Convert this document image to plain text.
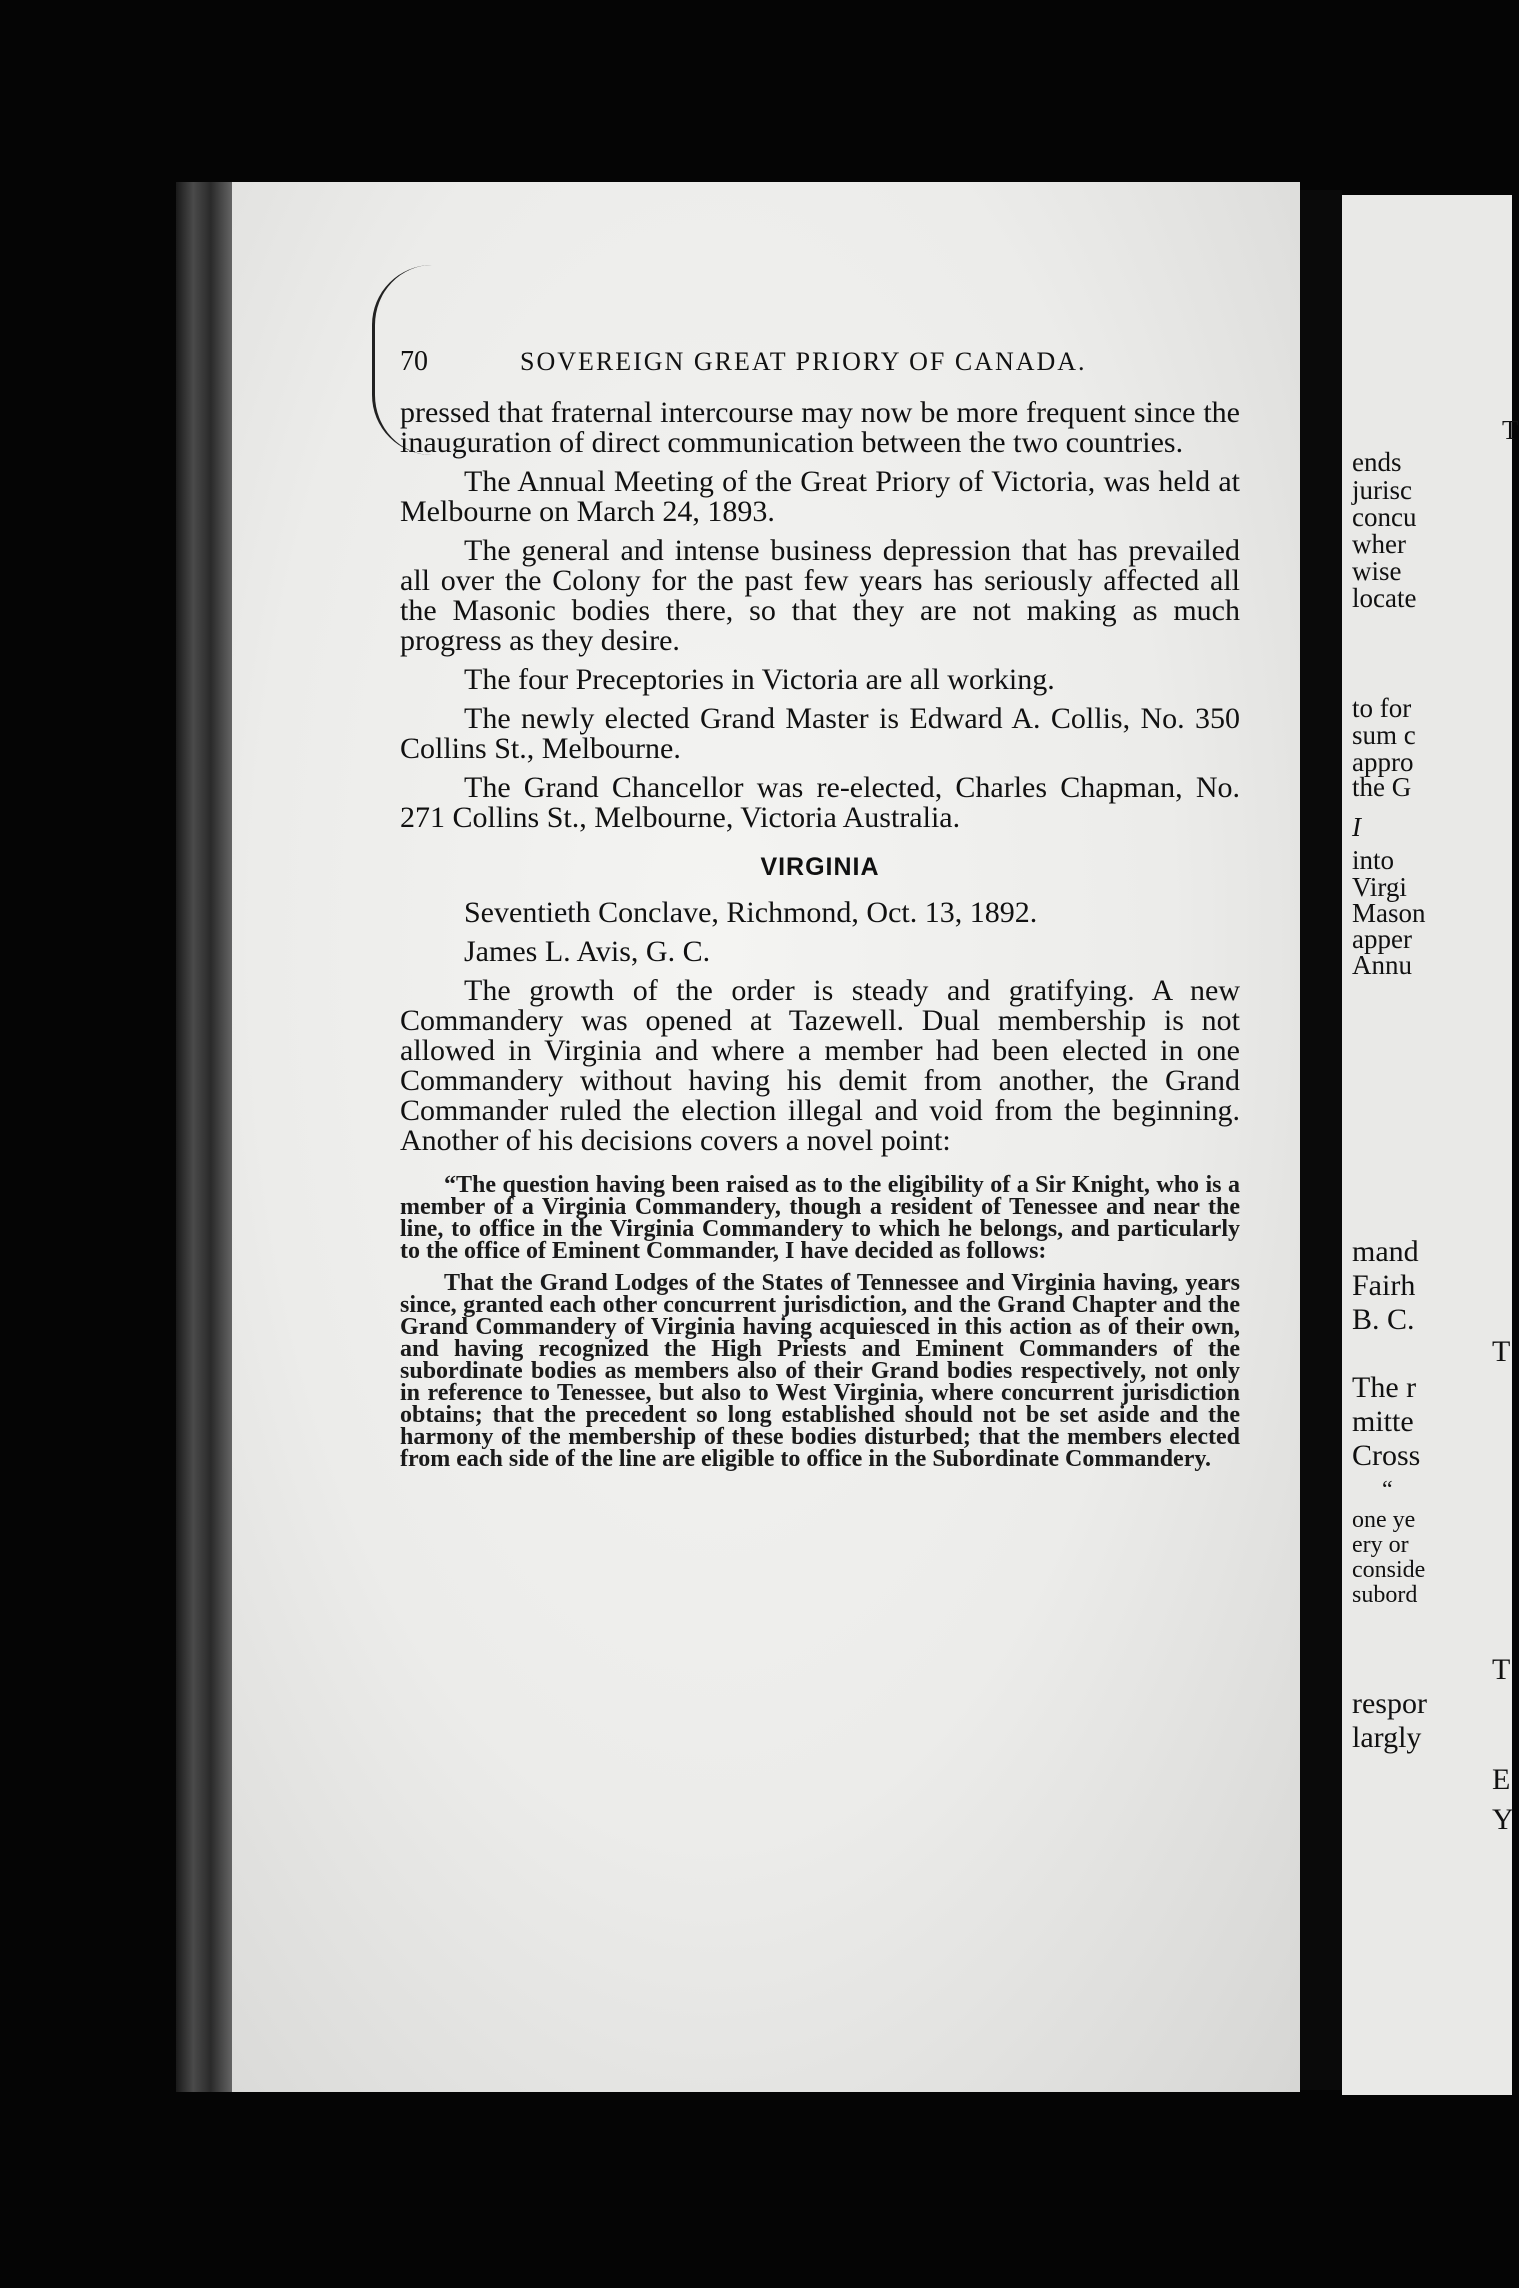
T
ends
jurisc
concu
wher
wise
locate
to for
sum c
appro
the G
I
into
Virgi
Mason
apper
Annu
mand
Fairh
B. C.
T
The r
mitte
Cross
“
one ye
ery or
conside
subord
T
respor
largly
E
Y
70	SOVEREIGN GREAT PRIORY OF CANADA.

pressed that fraternal intercourse may now be more frequent since the inauguration of direct communication between the two countries.

The Annual Meeting of the Great Priory of Victoria, was held at Melbourne on March 24, 1893.

The general and intense business depression that has prevailed all over the Colony for the past few years has seriously affected all the Masonic bodies there, so that they are not making as much progress as they desire.

The four Preceptories in Victoria are all working.

The newly elected Grand Master is Edward A. Collis, No. 350 Collins St., Melbourne.

The Grand Chancellor was re-elected, Charles Chapman, No. 271 Collins St., Melbourne, Victoria Australia.

VIRGINIA

Seventieth Conclave, Richmond, Oct. 13, 1892.

James L. Avis, G. C.

The growth of the order is steady and gratifying. A new Commandery was opened at Tazewell. Dual membership is not allowed in Virginia and where a member had been elected in one Commandery without having his demit from another, the Grand Commander ruled the election illegal and void from the beginning. Another of his decisions covers a novel point:

“The question having been raised as to the eligibility of a Sir Knight, who is a member of a Virginia Commandery, though a resident of Tenessee and near the line, to office in the Virginia Commandery to which he belongs, and particularly to the office of Eminent Commander, I have decided as follows:

That the Grand Lodges of the States of Tennessee and Virginia having, years since, granted each other concurrent jurisdiction, and the Grand Chapter and the Grand Commandery of Virginia having acquiesced in this action as of their own, and having recognized the High Priests and Eminent Commanders of the subordinate bodies as members also of their Grand bodies respectively, not only in reference to Tenessee, but also to West Virginia, where concurrent jurisdiction obtains; that the precedent so long established should not be set aside and the harmony of the membership of these bodies disturbed; that the members elected from each side of the line are eligible to office in the Subordinate Commandery.
